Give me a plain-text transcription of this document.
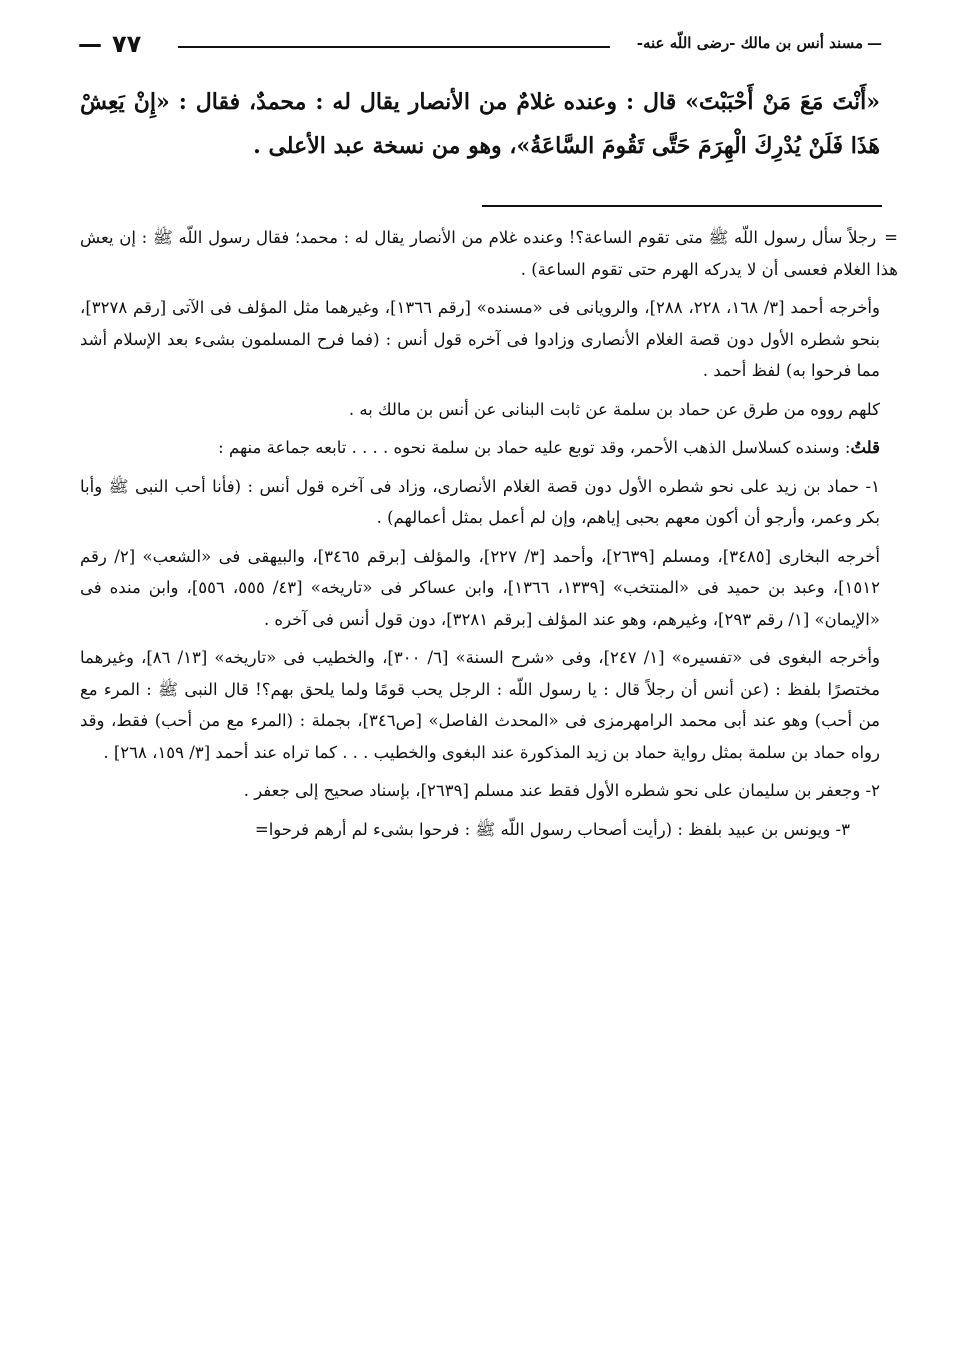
—مسند أنس بن مالك -رضى اللّه عنه-
— ٧٧
«أَنْتَ مَعَ مَنْ أَحْبَبْتَ» قال : وعنده غلامٌ من الأنصار يقال له : محمدٌ، فقال : «إِنْ يَعِشْ هَذَا فَلَنْ يُدْرِكَ الْهِرَمَ حَتَّى تَقُومَ السَّاعَةُ»، وهو من نسخة عبد الأعلى .

=رجلاً سأل رسول اللّه ﷺ متى تقوم الساعة؟! وعنده غلام من الأنصار يقال له : محمد؛ فقال رسول اللّه ﷺ : إن يعش هذا الغلام فعسى أن لا يدركه الهرم حتى تقوم الساعة) .

وأخرجه أحمد [٣/ ١٦٨، ٢٢٨، ٢٨٨]، والرويانى فى «مسنده» [رقم ١٣٦٦]، وغيرهما مثل المؤلف فى الآتى [رقم ٣٢٧٨]، بنحو شطره الأول دون قصة الغلام الأنصارى وزادوا فى آخره قول أنس : (فما فرح المسلمون بشىء بعد الإسلام أشد مما فرحوا به) لفظ أحمد .

كلهم رووه من طرق عن حماد بن سلمة عن ثابت البنانى عن أنس بن مالك به .

قلتُ: وسنده كسلاسل الذهب الأحمر، وقد توبع عليه حماد بن سلمة نحوه . . . . تابعه جماعة منهم :

١- حماد بن زيد على نحو شطره الأول دون قصة الغلام الأنصارى، وزاد فى آخره قول أنس : (فأنا أحب النبى ﷺ وأبا بكر وعمر، وأرجو أن أكون معهم بحبى إياهم، وإن لم أعمل بمثل أعمالهم) .

أخرجه البخارى [٣٤٨٥]، ومسلم [٢٦٣٩]، وأحمد [٣/ ٢٢٧]، والمؤلف [برقم ٣٤٦٥]، والبيهقى فى «الشعب» [٢/ رقم ١٥١٢]، وعبد بن حميد فى «المنتخب» [١٣٣٩، ١٣٦٦]، وابن عساكر فى «تاريخه» [٤٣/ ٥٥٥، ٥٥٦]، وابن منده فى «الإيمان» [١/ رقم ٢٩٣]، وغيرهم، وهو عند المؤلف [برقم ٣٢٨١]، دون قول أنس فى آخره .

وأخرجه البغوى فى «تفسيره» [١/ ٢٤٧]، وفى «شرح السنة» [٦/ ٣٠٠]، والخطيب فى «تاريخه» [١٣/ ٨٦]، وغيرهما مختصرًا بلفظ : (عن أنس أن رجلاً قال : يا رسول اللّه : الرجل يحب قومًا ولما يلحق بهم؟! قال النبى ﷺ : المرء مع من أحب) وهو عند أبى محمد الرامهرمزى فى «المحدث الفاصل» [ص٣٤٦]، بجملة : (المرء مع من أحب) فقط، وقد رواه حماد بن سلمة بمثل رواية حماد بن زيد المذكورة عند البغوى والخطيب . . . كما تراه عند أحمد [٣/ ١٥٩، ٢٦٨] .

٢- وجعفر بن سليمان على نحو شطره الأول فقط عند مسلم [٢٦٣٩]، بإسناد صحيح إلى جعفر .

٣- ويونس بن عبيد بلفظ : (رأيت أصحاب رسول اللّه ﷺ : فرحوا بشىء لم أرهم فرحوا=
